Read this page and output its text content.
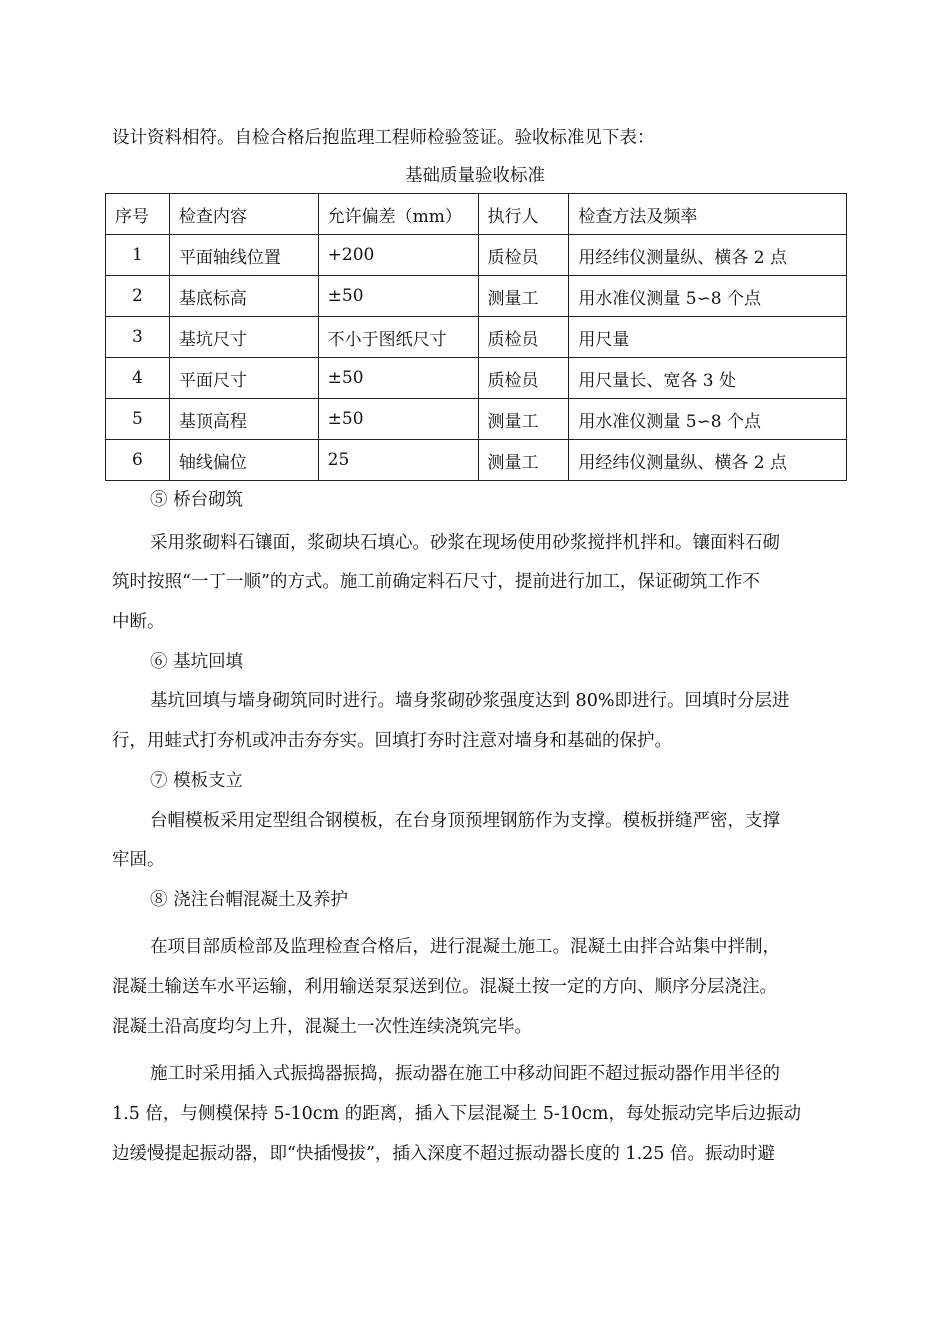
设计资料相符。自检合格后抱监理工程师检验签证。验收标准见下表：
基础质量验收标准
序号	检查内容	允许偏差（mm）	执行人	检查方法及频率
1	平面轴线位置	+200	质检员	用经纬仪测量纵、横各 2 点
2	基底标高	±50	测量工	用水准仪测量 5∽8 个点
3	基坑尺寸	不小于图纸尺寸	质检员	用尺量
4	平面尺寸	±50	质检员	用尺量长、宽各 3 处
5	基顶高程	±50	测量工	用水准仪测量 5∽8 个点
6	轴线偏位	25	测量工	用经纬仪测量纵、横各 2 点
⑤ 桥台砌筑
采用浆砌料石镶面，浆砌块石填心。砂浆在现场使用砂浆搅拌机拌和。镶面料石砌
筑时按照“一丁一顺”的方式。施工前确定料石尺寸，提前进行加工，保证砌筑工作不
中断。
⑥ 基坑回填
基坑回填与墙身砌筑同时进行。墙身浆砌砂浆强度达到 80%即进行。回填时分层进
行，用蛙式打夯机或冲击夯夯实。回填打夯时注意对墙身和基础的保护。
⑦ 模板支立
台帽模板采用定型组合钢模板，在台身顶预埋钢筋作为支撑。模板拼缝严密，支撑
牢固。
⑧ 浇注台帽混凝土及养护
在项目部质检部及监理检查合格后，进行混凝土施工。混凝土由拌合站集中拌制，
混凝土输送车水平运输，利用输送泵泵送到位。混凝土按一定的方向、顺序分层浇注。
混凝土沿高度均匀上升，混凝土一次性连续浇筑完毕。
施工时采用插入式振捣器振捣，振动器在施工中移动间距不超过振动器作用半径的
1.5 倍，与侧模保持 5-10cm 的距离，插入下层混凝土 5-10cm，每处振动完毕后边振动
边缓慢提起振动器，即“快插慢拔”，插入深度不超过振动器长度的 1.25 倍。振动时避
